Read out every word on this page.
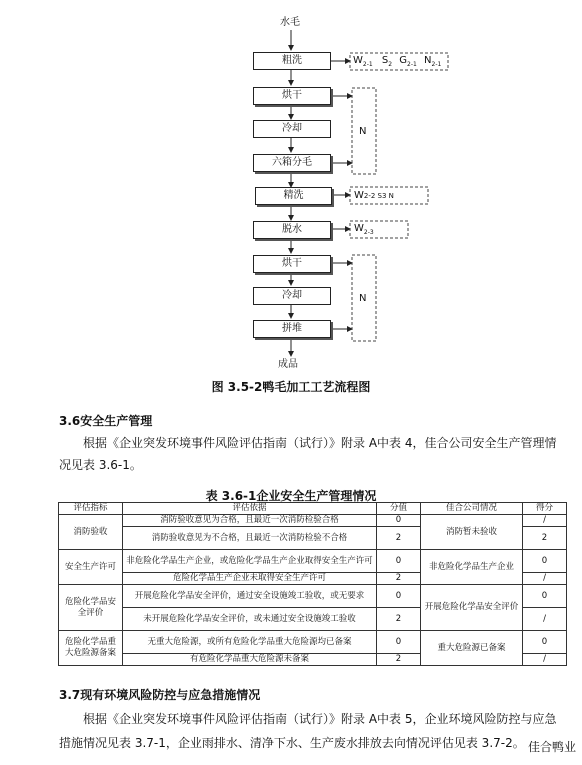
水毛
粗洗
烘干
冷却
六箱分毛
精洗
脱水
烘干
冷却
拼堆
成品
$W_{2-1}$ $S_2$ $G_{2-1}$ $N_{2-1}$
N
W2-2 S3 N
$W_{2-3}$
N
图 3.5-2鸭毛加工工艺流程图
3.6安全生产管理
根据《企业突发环境事件风险评估指南（试行）》附录 A中表 4，佳合公司安全生产管理情况见表 3.6-1。
表 3.6-1企业安全生产管理情况
评估指标	评估依据	分值	佳合公司情况	得分
消防验收	消防验收意见为合格，且最近一次消防检验合格	0	消防暂未验收	/
	消防验收意见为不合格，且最近一次消防检验不合格	2		2
安全生产许可	非危险化学品生产企业，或危险化学品生产企业取得安全生产许可	0	非危险化学品生产企业	0
	危险化学品生产企业未取得安全生产许可	2		/
危险化学品安全评价	开展危险化学品安全评价，通过安全设施竣工验收，或无要求	0	开展危险化学品安全评价	0
	未开展危险化学品安全评价，或未通过安全设施竣工验收	2		/
危险化学品重大危险源备案	无重大危险源，或所有危险化学品重大危险源均已备案	0	重大危险源已备案	0
	有危险化学品重大危险源未备案	2		/
3.7现有环境风险防控与应急措施情况
根据《企业突发环境事件风险评估指南（试行）》附录 A中表 5，企业环境风险防控与应急措施情况见表 3.7-1，企业雨排水、清净下水、生产废水排放去向情况评估见表 3.7-2。 佳合鸭业
